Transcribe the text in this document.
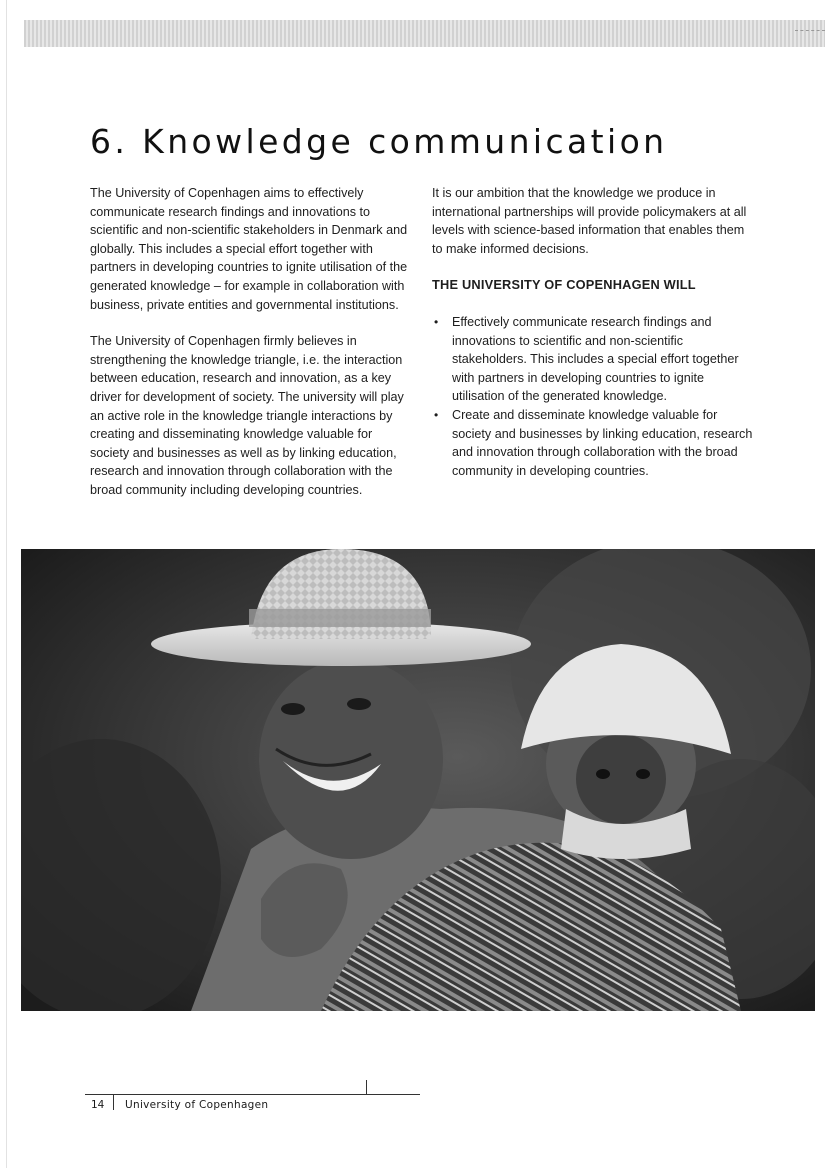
6. Knowledge communication

The University of Copenhagen aims to effectively communicate research findings and innovations to scientific and non-scientific stakeholders in Denmark and globally. This includes a special effort together with partners in developing countries to ignite utilisation of the generated knowledge – for example in collaboration with business, private entities and governmental institutions.

The University of Copenhagen firmly believes in strengthening the knowledge triangle, i.e. the interaction between education, research and innovation, as a key driver for development of society. The university will play an active role in the knowledge triangle interactions by creating and disseminating knowledge valuable for society and businesses as well as by linking education, research and innovation through collaboration with the broad community including developing countries.

It is our ambition that the knowledge we produce in international partnerships will provide policymakers at all levels with science-based information that enables them to make informed decisions.

THE UNIVERSITY OF COPENHAGEN WILL
• Effectively communicate research findings and innovations to scientific and non-scientific stakeholders. This includes a special effort together with partners in developing countries to ignite utilisation of the generated knowledge.
• Create and disseminate knowledge valuable for society and businesses by linking education, research and innovation through collaboration with the broad community in developing countries.
14 University of Copenhagen
